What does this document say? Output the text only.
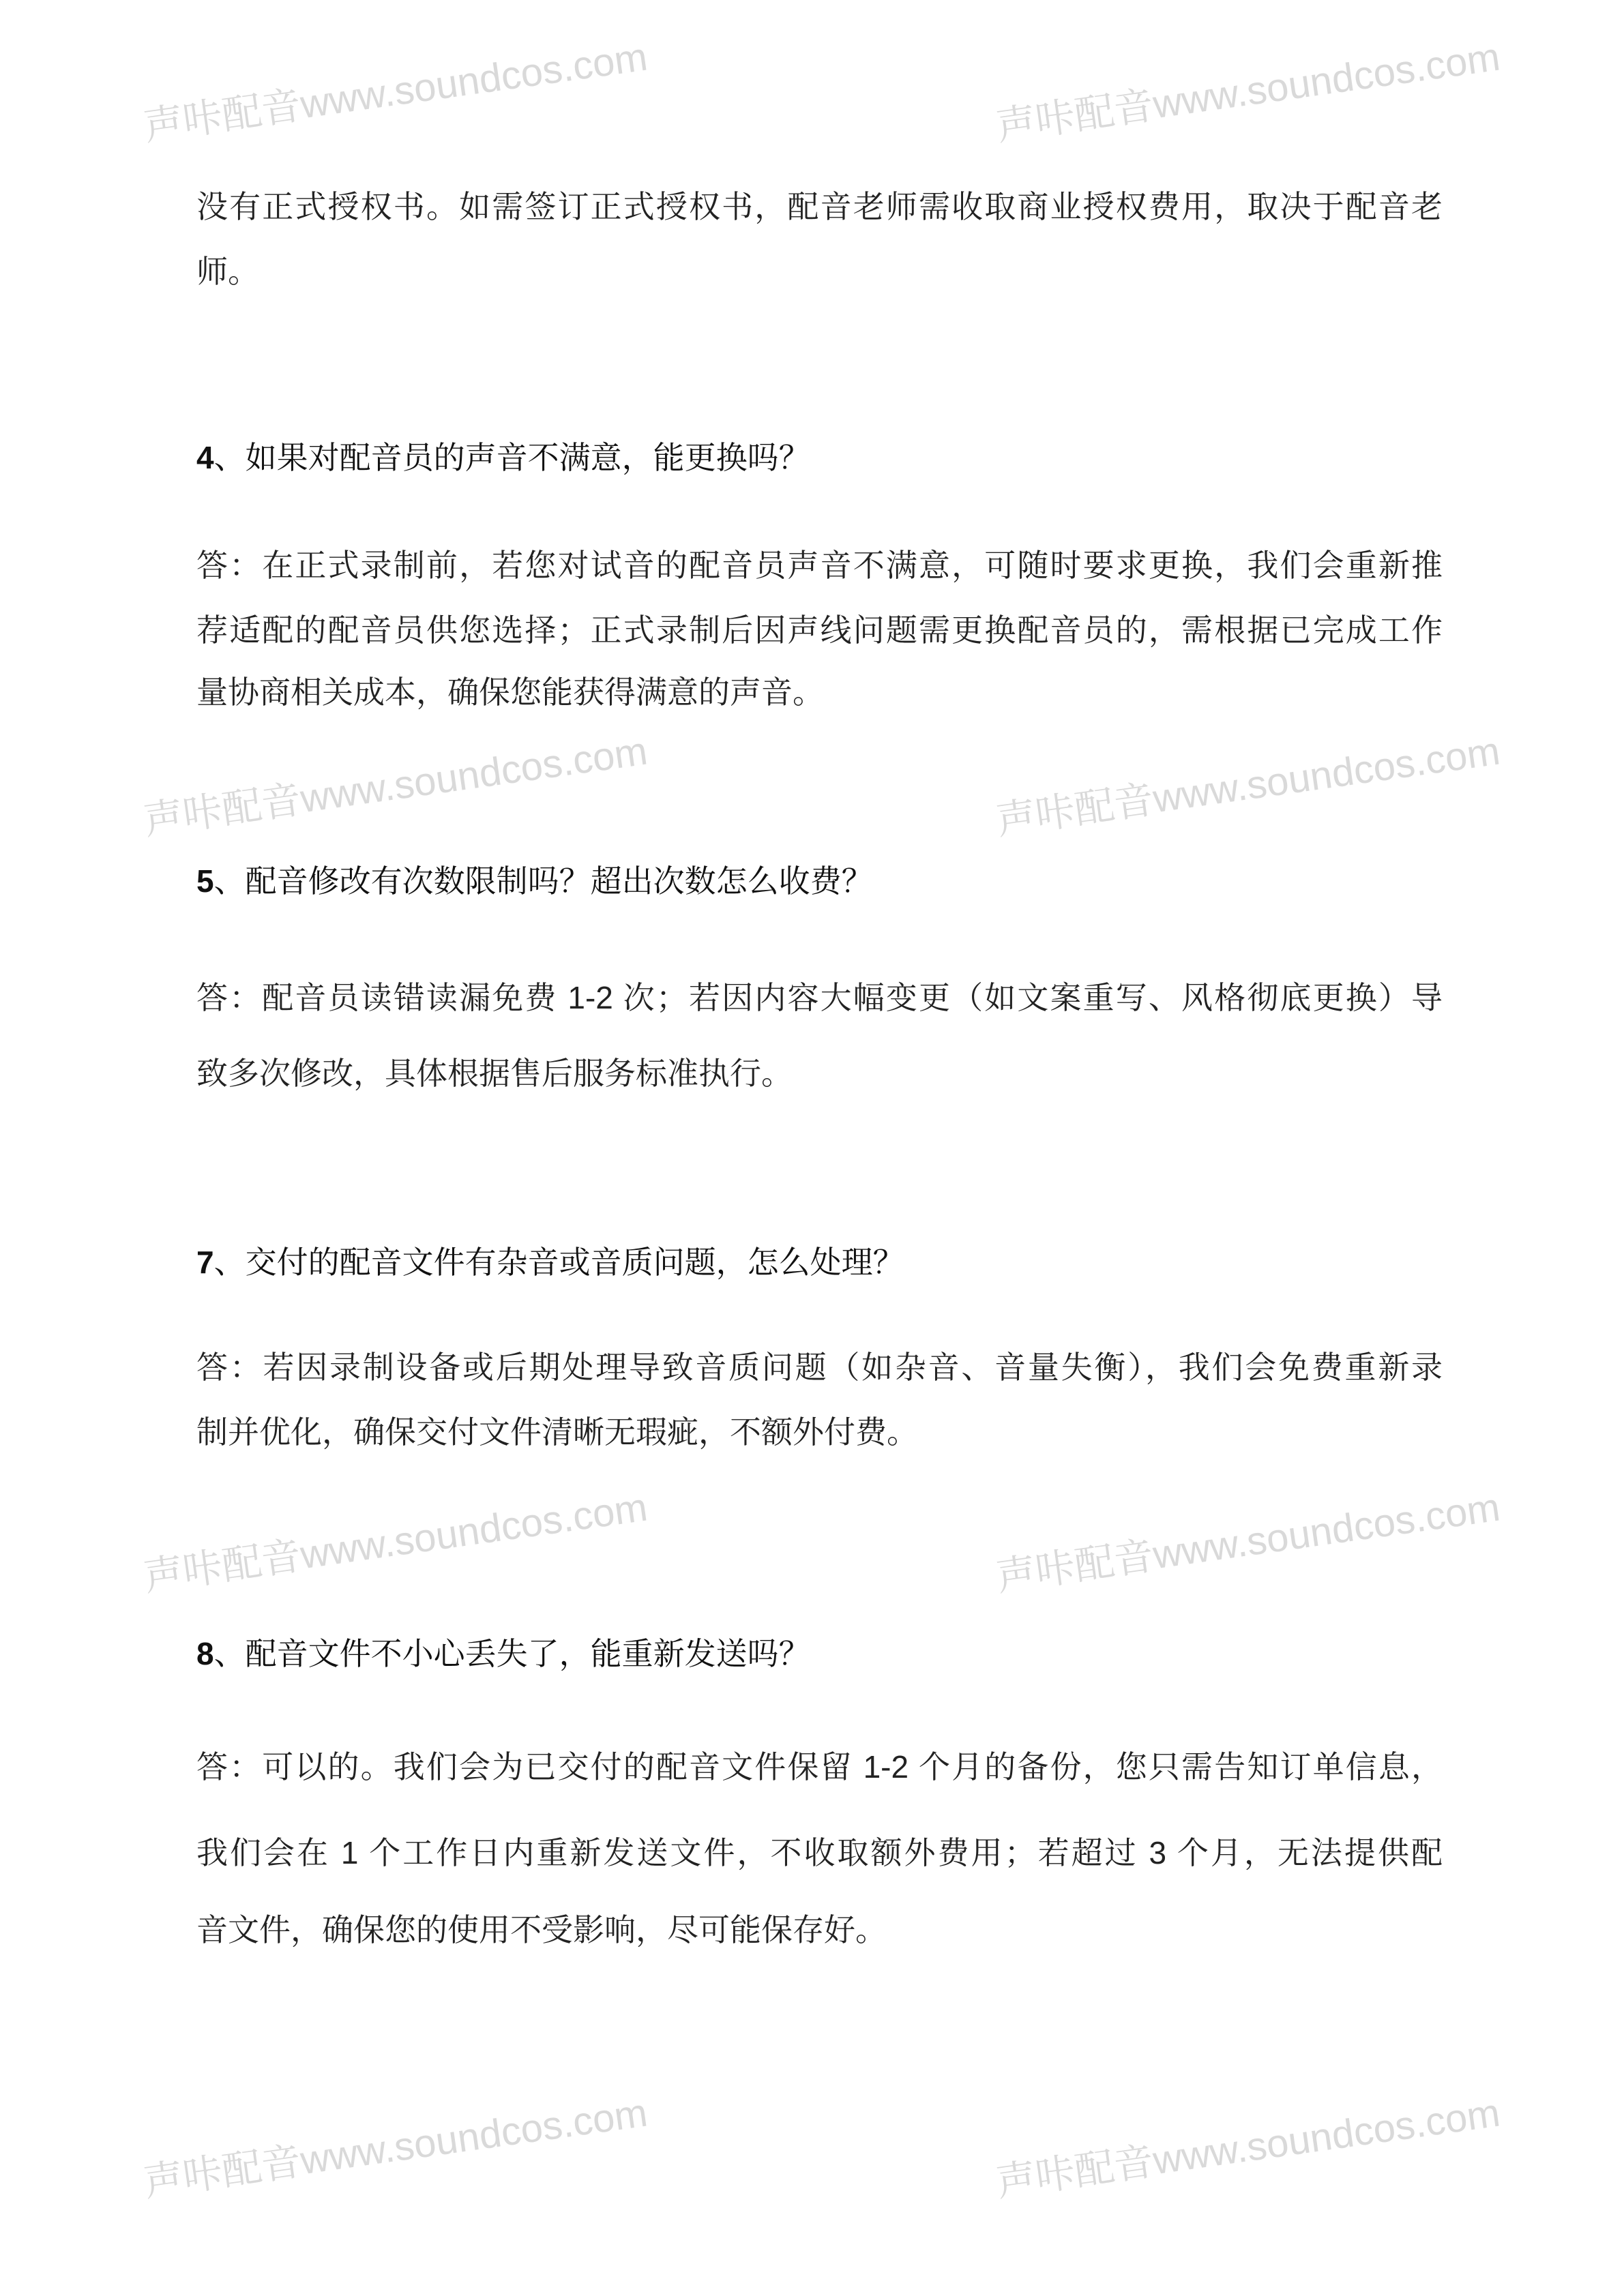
声咔配音www.soundcos.com	声咔配音www.soundcos.com
声咔配音www.soundcos.com	声咔配音www.soundcos.com
声咔配音www.soundcos.com	声咔配音www.soundcos.com
声咔配音www.soundcos.com	声咔配音www.soundcos.com
没有正式授权书。如需签订正式授权书，配音老师需收取商业授权费用，取决于配音老
师。
4、如果对配音员的声音不满意，能更换吗？
答：在正式录制前，若您对试音的配音员声音不满意，可随时要求更换，我们会重新推
荐适配的配音员供您选择；正式录制后因声线问题需更换配音员的，需根据已完成工作
量协商相关成本，确保您能获得满意的声音。
5、配音修改有次数限制吗？超出次数怎么收费？
答：配音员读错读漏免费 1-2 次；若因内容大幅变更（如文案重写、风格彻底更换）导
致多次修改，具体根据售后服务标准执行。
7、交付的配音文件有杂音或音质问题，怎么处理？
答：若因录制设备或后期处理导致音质问题（如杂音、音量失衡），我们会免费重新录
制并优化，确保交付文件清晰无瑕疵，不额外付费。
8、配音文件不小心丢失了，能重新发送吗？
答：可以的。我们会为已交付的配音文件保留 1-2 个月的备份，您只需告知订单信息，
我们会在 1 个工作日内重新发送文件，不收取额外费用；若超过 3 个月，无法提供配
音文件，确保您的使用不受影响，尽可能保存好。
